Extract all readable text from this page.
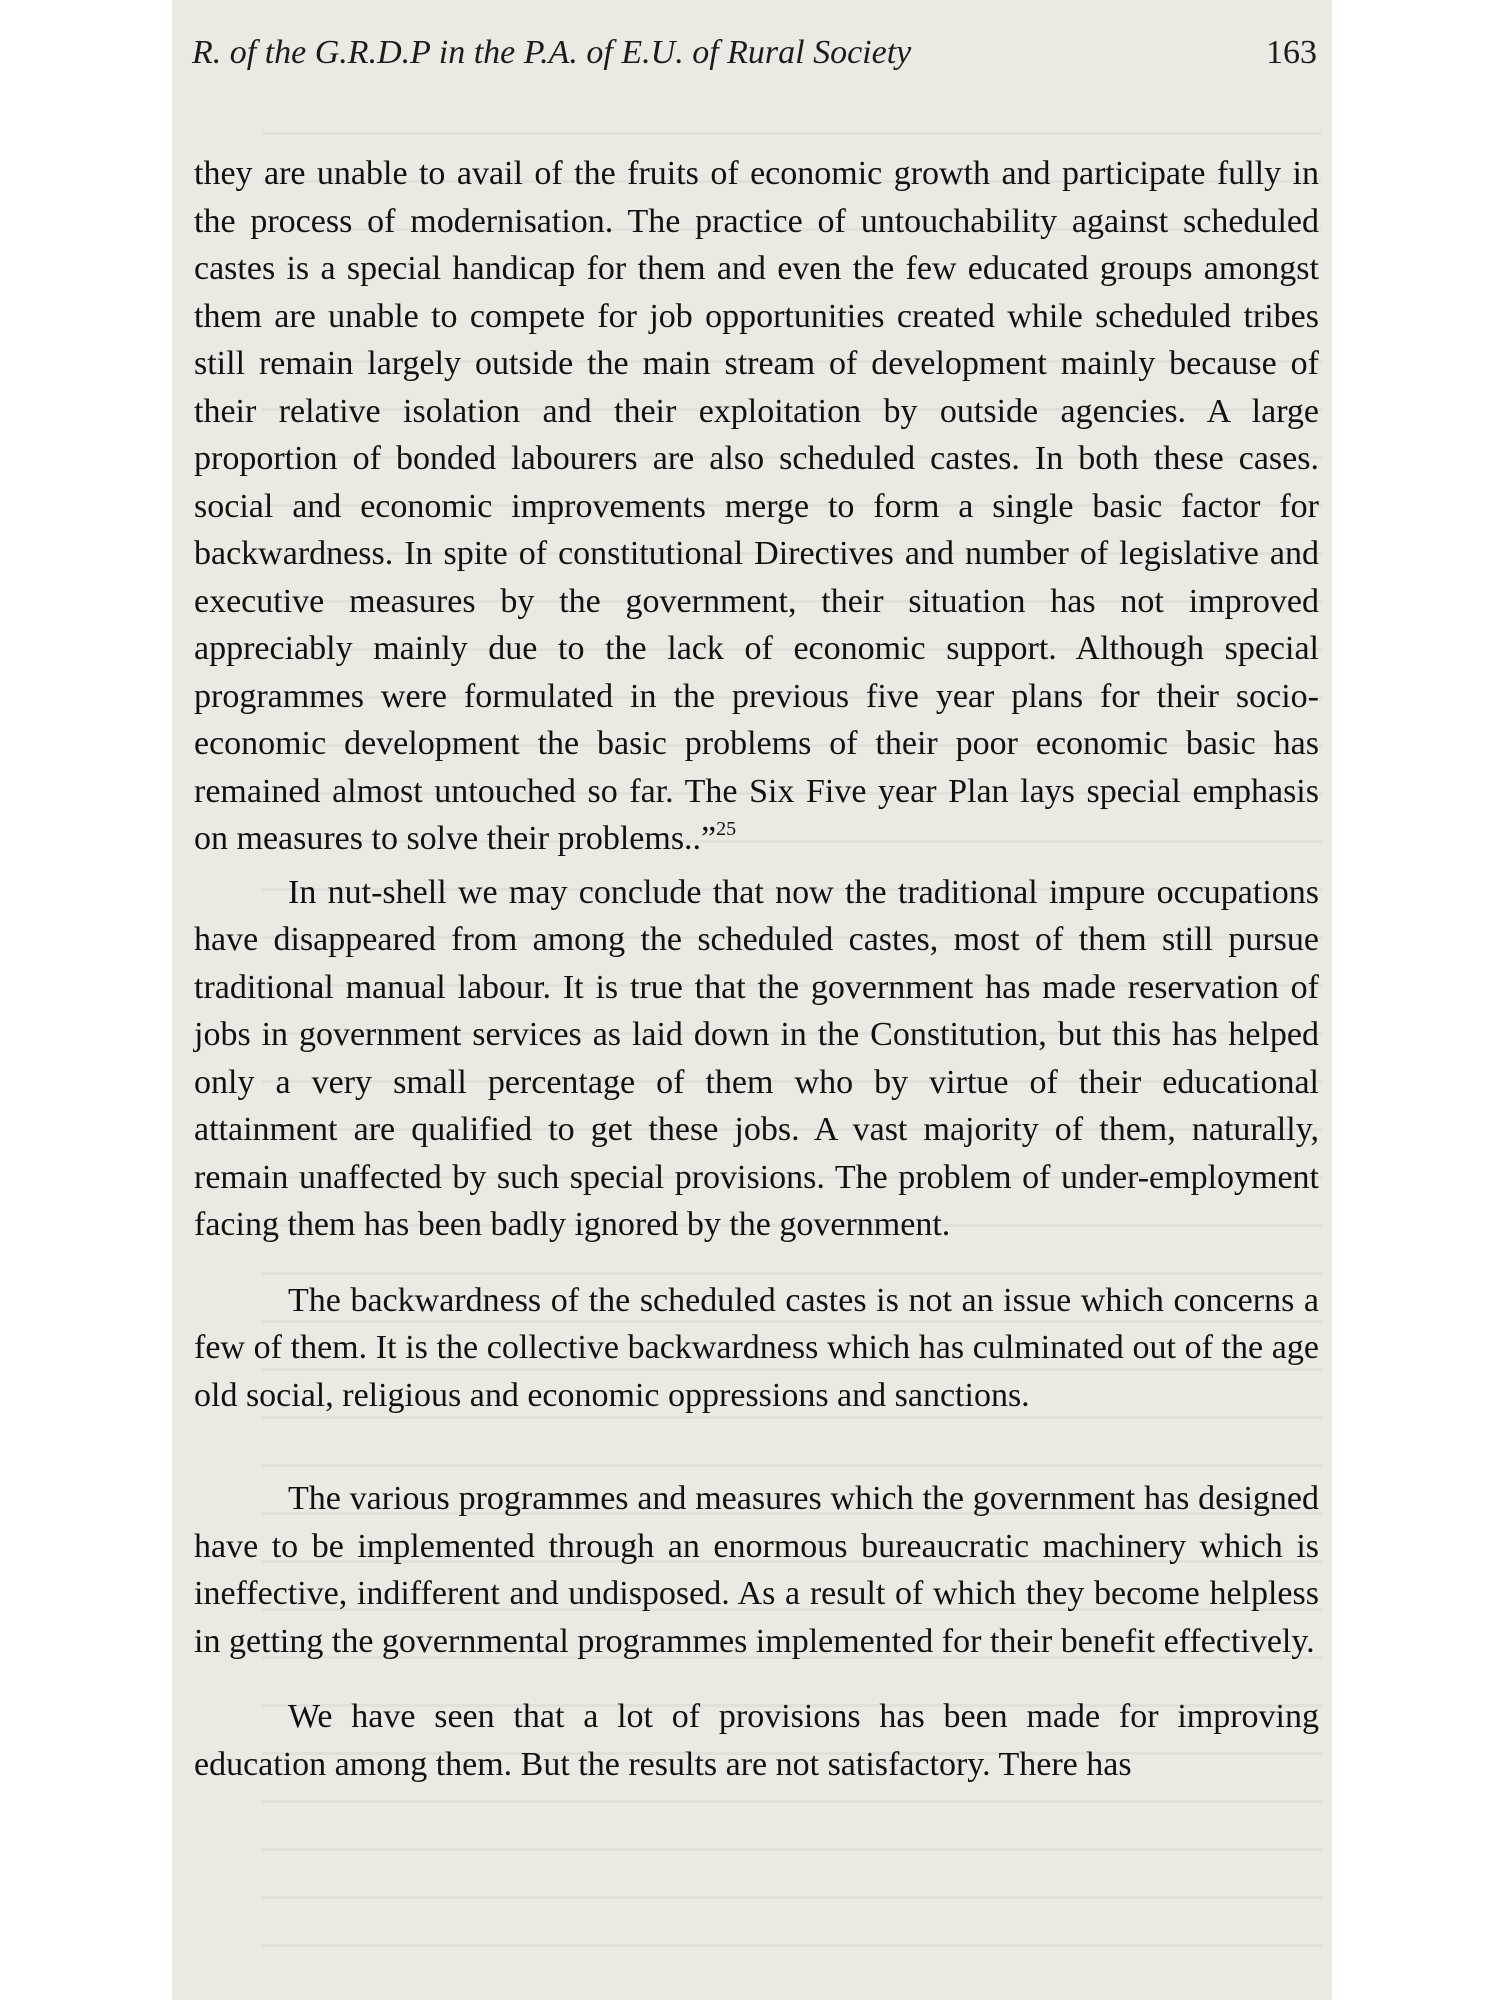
R. of the G.R.D.P in the P.A. of E.U. of Rural Society	163

they are unable to avail of the fruits of economic growth and participate fully in the process of modernisation. The practice of untouchability against scheduled castes is a special handicap for them and even the few educated groups amongst them are unable to compete for job opportunities created while scheduled tribes still remain largely outside the main stream of development mainly because of their relative isolation and their exploitation by outside agencies. A large proportion of bonded labourers are also scheduled castes. In both these cases. social and economic improvements merge to form a single basic factor for backwardness. In spite of constitutional Directives and number of legislative and executive measures by the government, their situation has not improved appreciably mainly due to the lack of economic support. Although special programmes were formulated in the previous five year plans for their socio-economic development the basic problems of their poor economic basic has remained almost untouched so far. The Six Five year Plan lays special emphasis on measures to solve their problems..”$^{25}$

In nut-shell we may conclude that now the traditional impure occupations have disappeared from among the scheduled castes, most of them still pursue traditional manual labour. It is true that the government has made reservation of jobs in government services as laid down in the Constitution, but this has helped only a very small percentage of them who by virtue of their educational attainment are qualified to get these jobs. A vast majority of them, naturally, remain unaffected by such special provisions. The problem of under-employment facing them has been badly ignored by the government.

The backwardness of the scheduled castes is not an issue which concerns a few of them. It is the collective backwardness which has culminated out of the age old social, religious and economic oppressions and sanctions.

The various programmes and measures which the government has designed have to be implemented through an enormous bureaucratic machinery which is ineffective, indifferent and undisposed. As a result of which they become helpless in getting the governmental programmes implemented for their benefit effectively.

We have seen that a lot of provisions has been made for improving education among them. But the results are not satisfactory. There has
